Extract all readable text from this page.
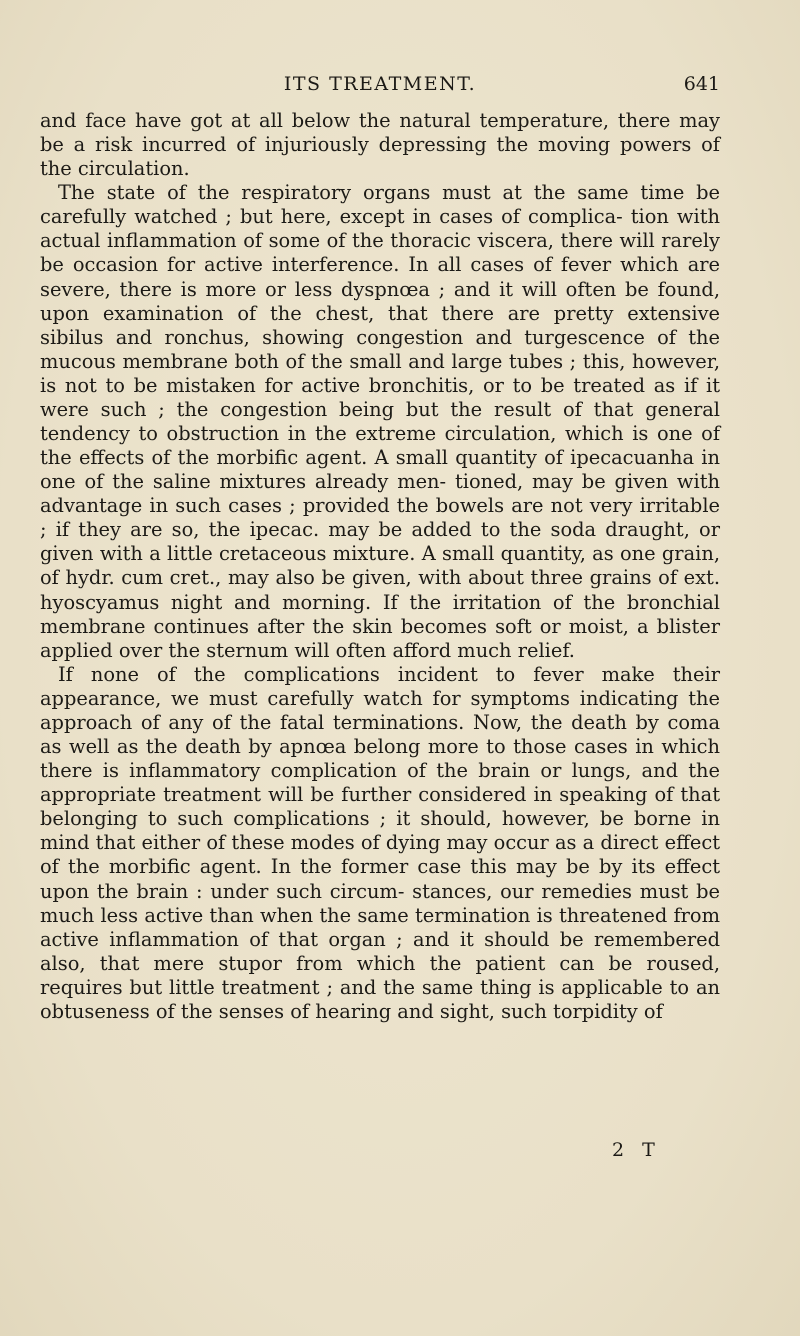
ITS TREATMENT.	641

and face have got at all below the natural temperature, there may be a risk incurred of injuriously depressing the moving powers of the circulation.

The state of the respiratory organs must at the same time be carefully watched ; but here, except in cases of complica- tion with actual inflammation of some of the thoracic viscera, there will rarely be occasion for active interference. In all cases of fever which are severe, there is more or less dyspnœa ; and it will often be found, upon examination of the chest, that there are pretty extensive sibilus and ronchus, showing congestion and turgescence of the mucous membrane both of the small and large tubes ; this, however, is not to be mistaken for active bronchitis, or to be treated as if it were such ; the congestion being but the result of that general tendency to obstruction in the extreme circulation, which is one of the effects of the morbific agent. A small quantity of ipecacuanha in one of the saline mixtures already men- tioned, may be given with advantage in such cases ; provided the bowels are not very irritable ; if they are so, the ipecac. may be added to the soda draught, or given with a little cretaceous mixture. A small quantity, as one grain, of hydr. cum cret., may also be given, with about three grains of ext. hyoscyamus night and morning. If the irritation of the bronchial membrane continues after the skin becomes soft or moist, a blister applied over the sternum will often afford much relief.

If none of the complications incident to fever make their appearance, we must carefully watch for symptoms indicating the approach of any of the fatal terminations. Now, the death by coma as well as the death by apnœa belong more to those cases in which there is inflammatory complication of the brain or lungs, and the appropriate treatment will be further considered in speaking of that belonging to such complications ; it should, however, be borne in mind that either of these modes of dying may occur as a direct effect of the morbific agent. In the former case this may be by its effect upon the brain : under such circum- stances, our remedies must be much less active than when the same termination is threatened from active inflammation of that organ ; and it should be remembered also, that mere stupor from which the patient can be roused, requires but little treatment ; and the same thing is applicable to an obtuseness of the senses of hearing and sight, such torpidity of

2 T
